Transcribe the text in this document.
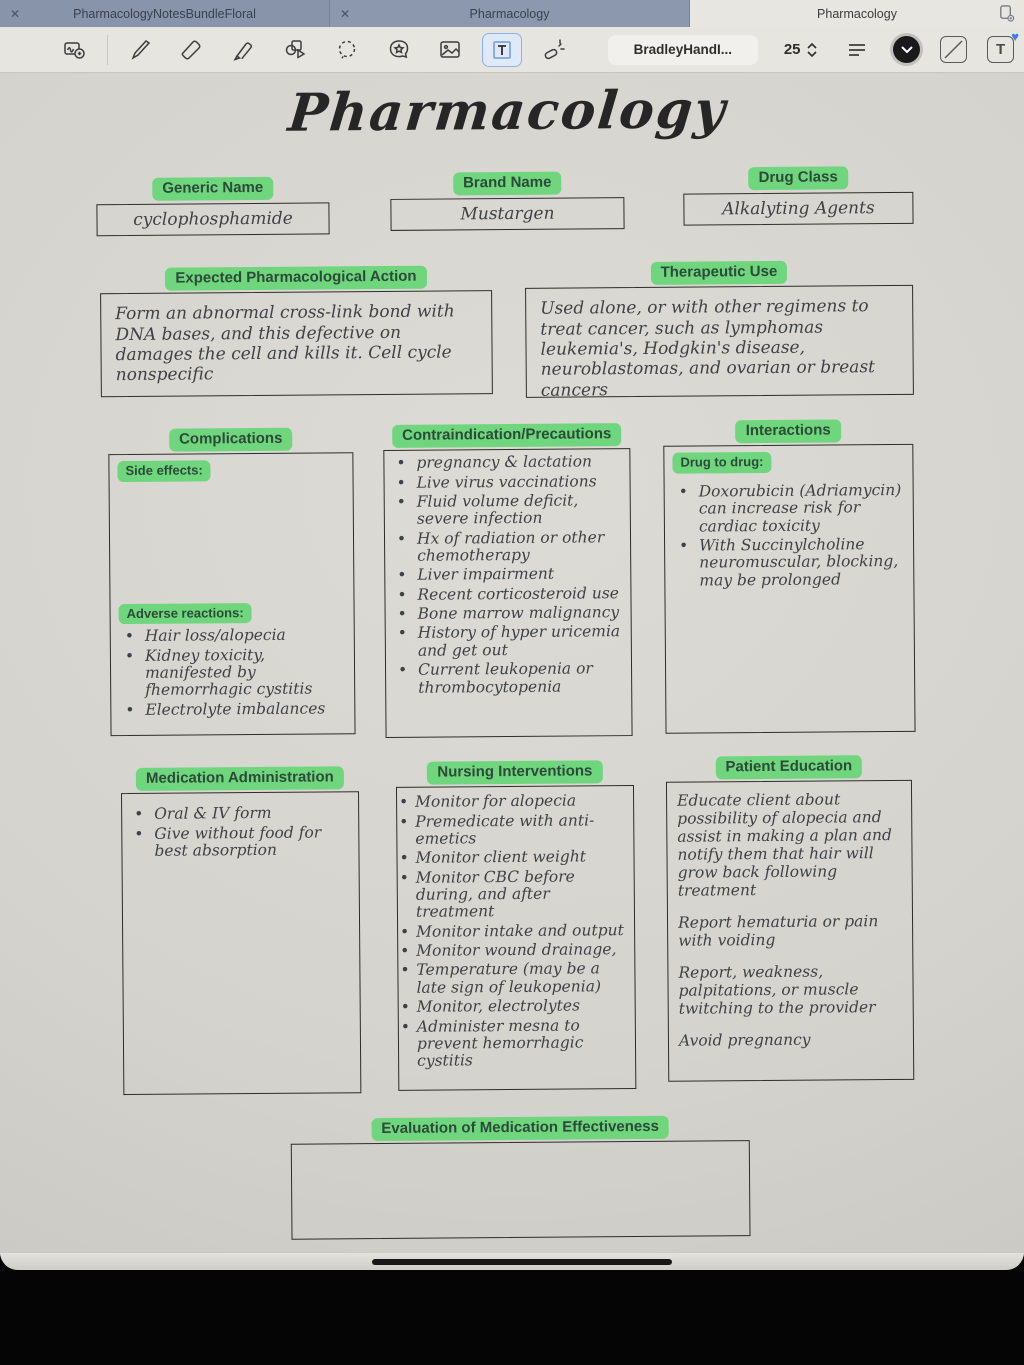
✕	PharmacologyNotesBundleFloral	✕	Pharmacology	Pharmacology
BradleyHandI...	25	T
♥
Pharmacology
Generic Name
cyclophosphamide
Brand Name
Mustargen
Drug Class
Alkalyting Agents
Expected Pharmacological Action
Form an abnormal cross-link bond with DNA bases, and this defective on damages the cell and kills it. Cell cycle nonspecific
Therapeutic Use
Used alone, or with other regimens to treat cancer, such as lymphomas leukemia's, Hodgkin's disease, neuroblastomas, and ovarian or breast cancers
Complications
Side effects:
Adverse reactions:
• Hair loss/alopecia
• Kidney toxicity, manifested by fhemorrhagic cystitis
• Electrolyte imbalances
Contraindication/Precautions
• pregnancy & lactation
• Live virus vaccinations
• Fluid volume deficit, severe infection
• Hx of radiation or other chemotherapy
• Liver impairment
• Recent corticosteroid use
• Bone marrow malignancy
• History of hyper uricemia and get out
• Current leukopenia or thrombocytopenia
Interactions
Drug to drug:
• Doxorubicin (Adriamycin) can increase risk for cardiac toxicity
• With Succinylcholine neuromuscular, blocking, may be prolonged
Medication Administration
• Oral & IV form
• Give without food for best absorption
Nursing Interventions
• Monitor for alopecia
• Premedicate with anti-emetics
• Monitor client weight
• Monitor CBC before during, and after treatment
• Monitor intake and output
• Monitor wound drainage,
• Temperature (may be a late sign of leukopenia)
• Monitor, electrolytes
• Administer mesna to prevent hemorrhagic cystitis
Patient Education
Educate client about possibility of alopecia and assist in making a plan and notify them that hair will grow back following treatment
Report hematuria or pain with voiding
Report, weakness, palpitations, or muscle twitching to the provider
Avoid pregnancy
Evaluation of Medication Effectiveness
